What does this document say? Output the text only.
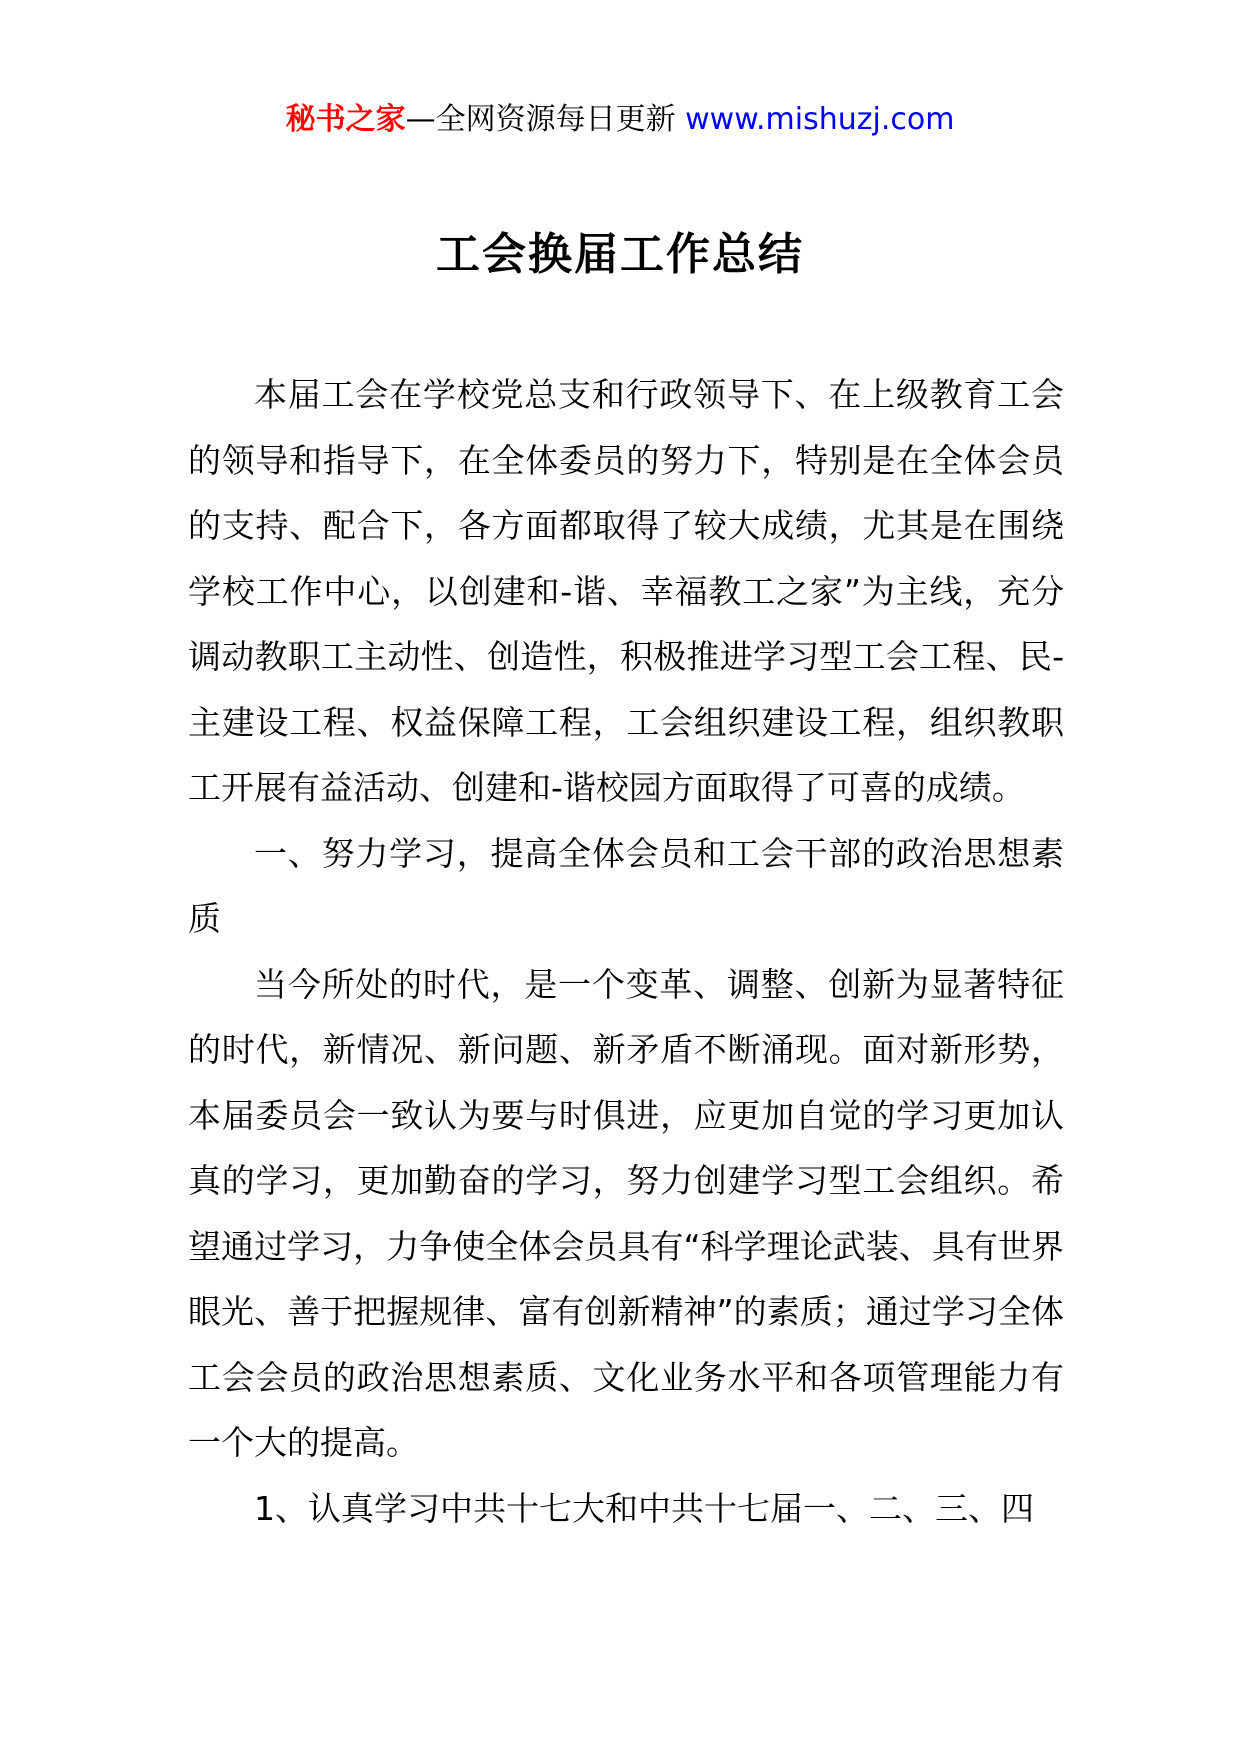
秘书之家—全网资源每日更新 www.mishuzj.com
工会换届工作总结

本届工会在学校党总支和行政领导下、在上级教育工会的领导和指导下，在全体委员的努力下，特别是在全体会员的支持、配合下，各方面都取得了较大成绩，尤其是在围绕学校工作中心，以创建和-谐、幸福教工之家”为主线，充分调动教职工主动性、创造性，积极推进学习型工会工程、民-主建设工程、权益保障工程，工会组织建设工程，组织教职工开展有益活动、创建和-谐校园方面取得了可喜的成绩。

一、努力学习，提高全体会员和工会干部的政治思想素质

当今所处的时代，是一个变革、调整、创新为显著特征的时代，新情况、新问题、新矛盾不断涌现。面对新形势，本届委员会一致认为要与时俱进，应更加自觉的学习更加认真的学习，更加勤奋的学习，努力创建学习型工会组织。希望通过学习，力争使全体会员具有“科学理论武装、具有世界眼光、善于把握规律、富有创新精神”的素质；通过学习全体工会会员的政治思想素质、文化业务水平和各项管理能力有一个大的提高。

1、认真学习中共十七大和中共十七届一、二、三、四
